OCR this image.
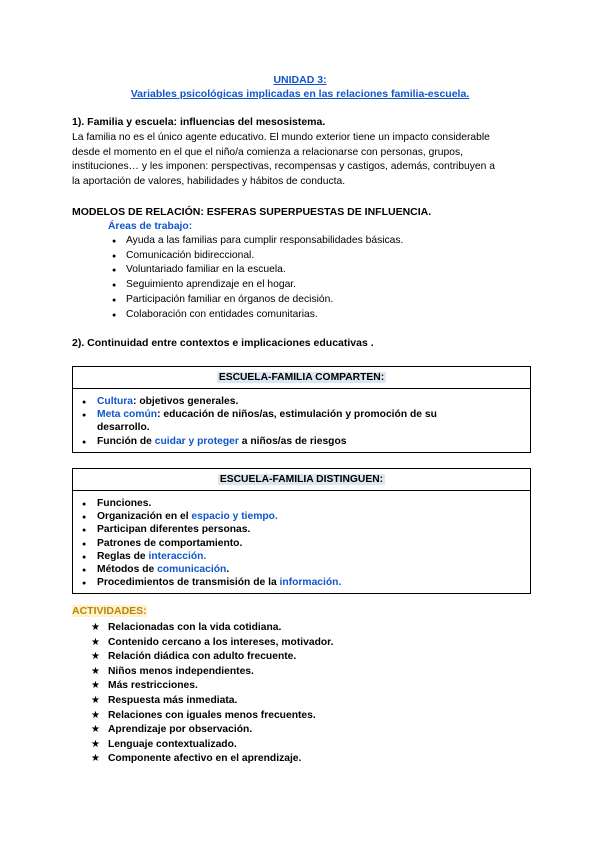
UNIDAD 3:
Variables psicológicas implicadas en las relaciones familia-escuela.
1). Familia y escuela: influencias del mesosistema.
La familia no es el único agente educativo. El mundo exterior tiene un impacto considerable
desde el momento en el que el niño/a comienza a relacionarse con personas, grupos,
instituciones… y les imponen: perspectivas, recompensas y castigos, además, contribuyen a
la aportación de valores, habilidades y hábitos de conducta.
MODELOS DE RELACIÓN: ESFERAS SUPERPUESTAS DE INFLUENCIA.
Áreas de trabajo:
● Ayuda a las familias para cumplir responsabilidades básicas.
● Comunicación bidireccional.
● Voluntariado familiar en la escuela.
● Seguimiento aprendizaje en el hogar.
● Participación familiar en órganos de decisión.
● Colaboración con entidades comunitarias.
2). Continuidad entre contextos e implicaciones educativas .
ESCUELA-FAMILIA COMPARTEN:
● Cultura: objetivos generales.
● Meta común: educación de niños/as, estimulación y promoción de su
desarrollo.
● Función de cuidar y proteger a niños/as de riesgos
ESCUELA-FAMILIA DISTINGUEN:
● Funciones.
● Organización en el espacio y tiempo.
● Participan diferentes personas.
● Patrones de comportamiento.
● Reglas de interacción.
● Métodos de comunicación.
● Procedimientos de transmisión de la información.
ACTIVIDADES:
★ Relacionadas con la vida cotidiana.
★ Contenido cercano a los intereses, motivador.
★ Relación diádica con adulto frecuente.
★ Niños menos independientes.
★ Más restricciones.
★ Respuesta más inmediata.
★ Relaciones con iguales menos frecuentes.
★ Aprendizaje por observación.
★ Lenguaje contextualizado.
★ Componente afectivo en el aprendizaje.
